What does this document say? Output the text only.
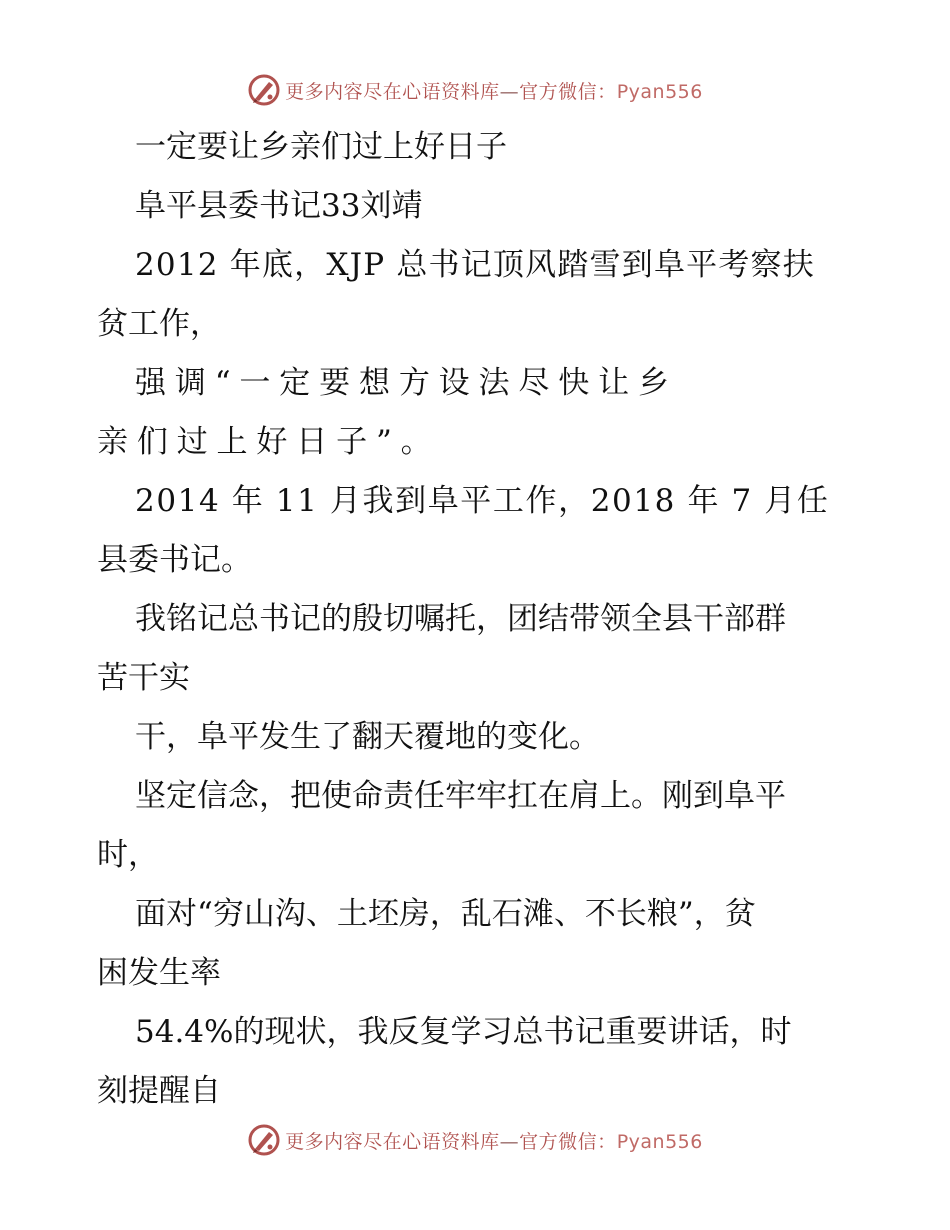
更多内容尽在心语资料库—官方微信：Pyan556
一定要让乡亲们过上好日子
阜平县委书记33刘靖
2012 年底，XJP 总书记顶风踏雪到阜平考察扶
贫工作，
强 调 “ 一 定 要 想 方 设 法 尽 快 让 乡
亲 们 过 上 好 日 子 ” 。
2014 年 11 月我到阜平工作，2018 年 7 月任
县委书记。
我铭记总书记的殷切嘱托，团结带领全县干部群
苦干实
干，阜平发生了翻天覆地的变化。
坚定信念，把使命责任牢牢扛在肩上。刚到阜平
时，
面对“穷山沟、土坯房，乱石滩、不长粮”，贫
困发生率
54.4%的现状，我反复学习总书记重要讲话，时
刻提醒自
更多内容尽在心语资料库—官方微信：Pyan556
